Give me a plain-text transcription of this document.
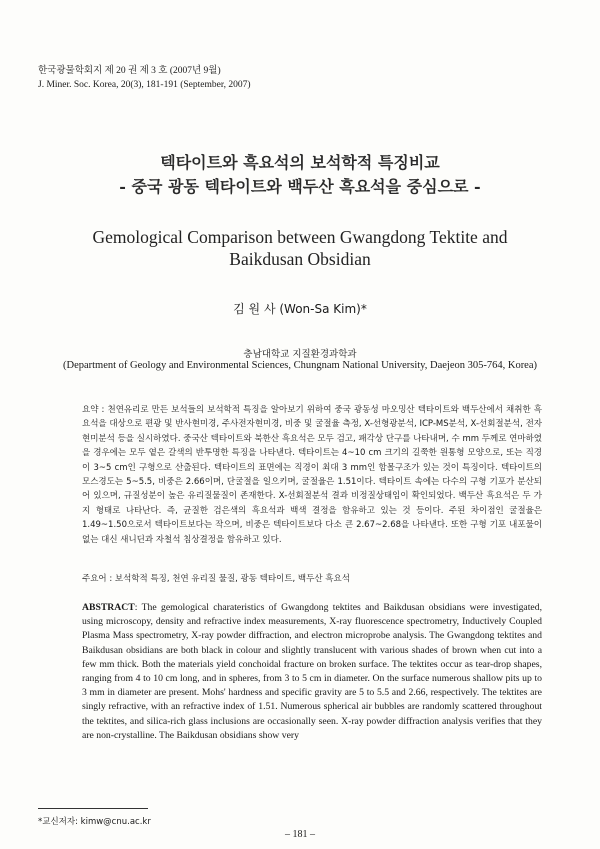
한국광물학회지 제 20 권 제 3 호 (2007년 9월)
J. Miner. Soc. Korea, 20(3), 181-191 (September, 2007)
텍타이트와 흑요석의 보석학적 특징비교
- 중국 광동 텍타이트와 백두산 흑요석을 중심으로 -
Gemological Comparison between Gwangdong Tektite and
Baikdusan Obsidian
김 원 사 (Won-Sa Kim)*
충남대학교 지질환경과학과
(Department of Geology and Environmental Sciences, Chungnam National University, Daejeon 305-764, Korea)
요약 : 천연유리로 만든 보석들의 보석학적 특징을 알아보기 위하여 중국 광동성 마오밍산 텍타이트와 백두산에서 채취한 흑요석을 대상으로 편광 및 반사현미경, 주사전자현미경, 비중 및 굴절율 측정, X-선형광분석, ICP-MS분석, X-선회절분석, 전자현미분석 등을 실시하였다. 중국산 텍타이트와 북한산 흑요석은 모두 검고, 패각상 단구를 나타내며, 수 mm 두께로 연마하였을 경우에는 모두 옅은 갈색의 반투명한 특징을 나타낸다. 텍타이트는 4~10 cm 크기의 길쭉한 원통형 모양으로, 또는 직경이 3~5 cm인 구형으로 산출된다. 텍타이트의 표면에는 직경이 최대 3 mm인 함몰구조가 있는 것이 특징이다. 텍타이트의 모스경도는 5~5.5, 비중은 2.66이며, 단굴절을 일으키며, 굴절율은 1.51이다. 텍타이트 속에는 다수의 구형 기포가 분산되어 있으며, 규질성분이 높은 유리질물질이 존재한다. X-선회절분석 결과 비정질상태임이 확인되었다. 백두산 흑요석은 두 가지 형태로 나타난다. 즉, 균질한 검은색의 흑요석과 백색 결정을 함유하고 있는 것 등이다. 주된 차이점인 굴절율은 1.49~1.50으로서 텍타이트보다는 작으며, 비중은 텍타이트보다 다소 큰 2.67~2.68을 나타낸다. 또한 구형 기포 내포물이 없는 대신 새니딘과 자철석 침상결정을 함유하고 있다.
주요어 : 보석학적 특징, 천연 유리질 물질, 광동 텍타이트, 백두산 흑요석
ABSTRACT: The gemological charateristics of Gwangdong tektites and Baikdusan obsidians were investigated, using microscopy, density and refractive index measurements, X-ray fluorescence spectrometry, Inductively Coupled Plasma Mass spectrometry, X-ray powder diffraction, and electron microprobe analysis. The Gwangdong tektites and Baikdusan obsidians are both black in colour and slightly translucent with various shades of brown when cut into a few mm thick. Both the materials yield conchoidal fracture on broken surface. The tektites occur as tear-drop shapes, ranging from 4 to 10 cm long, and in spheres, from 3 to 5 cm in diameter. On the surface numerous shallow pits up to 3 mm in diameter are present. Mohs' hardness and specific gravity are 5 to 5.5 and 2.66, respectively. The tektites are singly refractive, with an refractive index of 1.51. Numerous spherical air bubbles are randomly scattered throughout the tektites, and silica-rich glass inclusions are occasionally seen. X-ray powder diffraction analysis verifies that they are non-crystalline. The Baikdusan obsidians show very
*교신저자: kimw@cnu.ac.kr
– 181 –
